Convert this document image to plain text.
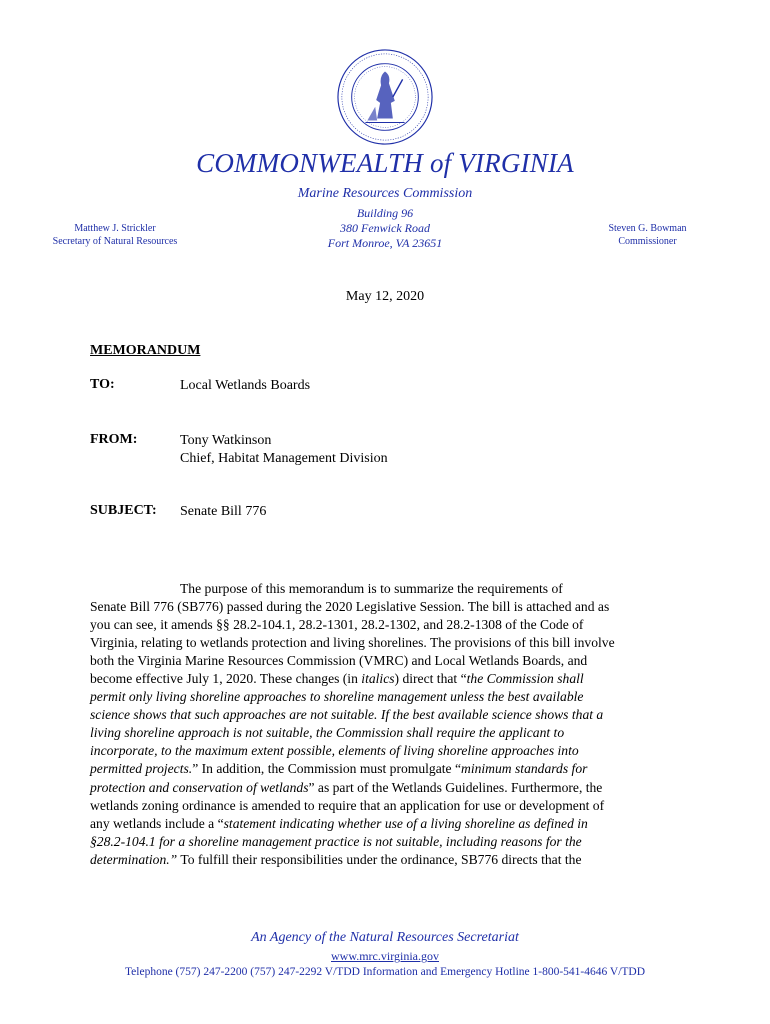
COMMONWEALTH of VIRGINIA
Marine Resources Commission
Building 96
380 Fenwick Road
Fort Monroe, VA 23651
Matthew J. Strickler
Secretary of Natural Resources
Steven G. Bowman
Commissioner
May 12, 2020
MEMORANDUM
TO:	Local Wetlands Boards
FROM:	Tony Watkinson
Chief, Habitat Management Division
SUBJECT: Senate Bill 776
The purpose of this memorandum is to summarize the requirements of
Senate Bill 776 (SB776) passed during the 2020 Legislative Session. The bill is attached and as
you can see, it amends §§ 28.2-104.1, 28.2-1301, 28.2-1302, and 28.2-1308 of the Code of
Virginia, relating to wetlands protection and living shorelines. The provisions of this bill involve
both the Virginia Marine Resources Commission (VMRC) and Local Wetlands Boards, and
become effective July 1, 2020. These changes (in italics) direct that “the Commission shall
permit only living shoreline approaches to shoreline management unless the best available
science shows that such approaches are not suitable. If the best available science shows that a
living shoreline approach is not suitable, the Commission shall require the applicant to
incorporate, to the maximum extent possible, elements of living shoreline approaches into
permitted projects.” In addition, the Commission must promulgate “minimum standards for
protection and conservation of wetlands” as part of the Wetlands Guidelines. Furthermore, the
wetlands zoning ordinance is amended to require that an application for use or development of
any wetlands include a “statement indicating whether use of a living shoreline as defined in
§28.2-104.1 for a shoreline management practice is not suitable, including reasons for the
determination.” To fulfill their responsibilities under the ordinance, SB776 directs that the
An Agency of the Natural Resources Secretariat
www.mrc.virginia.gov
Telephone (757) 247-2200 (757) 247-2292 V/TDD Information and Emergency Hotline 1-800-541-4646 V/TDD
